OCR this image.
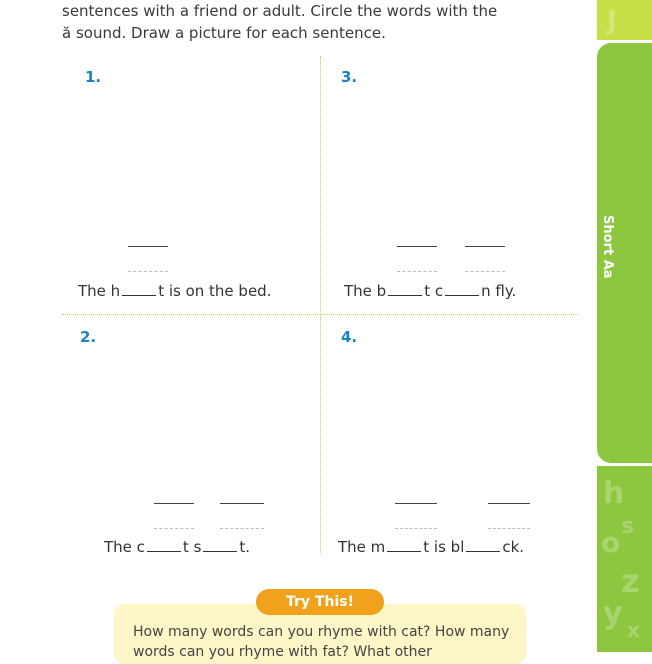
sentences with a friend or adult. Circle the words with the
ă sound. Draw a picture for each sentence.
1.
The h	t is on the bed.
3.
The b	t c	n fly.
2.
The c	t s	t.
4.
The m	t is bl	ck.
J
Short Aa
h
s
o
z
y x
Try This!
How many words can you rhyme with cat? How many words can you rhyme with fat? What other
